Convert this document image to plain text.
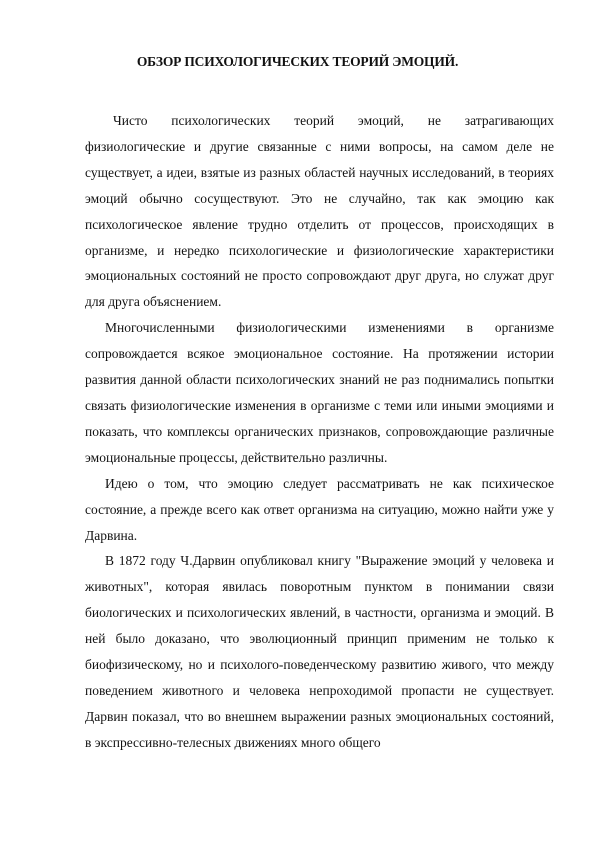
ОБЗОР ПСИХОЛОГИЧЕСКИХ ТЕОРИЙ ЭМОЦИЙ.

Чисто психологических теорий эмоций, не затрагивающих физиологические и другие связанные с ними вопросы, на самом деле не существует, а идеи, взятые из разных областей научных исследований, в теориях эмоций обычно сосуществуют. Это не случайно, так как эмоцию как психологическое явление трудно отделить от процессов, происходящих в организме, и нередко психологические и физиологические характеристики эмоциональных состояний не просто сопровождают друг друга, но служат друг для друга объяснением.

Многочисленными физиологическими изменениями в организме сопровождается всякое эмоциональное состояние. На протяжении истории развития данной области психологических знаний не раз поднимались попытки связать физиологические изменения в организме с теми или иными эмоциями и показать, что комплексы органических признаков, сопровождающие различные эмоциональные процессы, действительно различны.

Идею о том, что эмоцию следует рассматривать не как психическое состояние, а прежде всего как ответ организма на ситуацию, можно найти уже у Дарвина.

В 1872 году Ч.Дарвин опубликовал книгу "Выражение эмоций у человека и животных", которая явилась поворотным пунктом в понимании связи биологических и психологических явлений, в частности, организма и эмоций. В ней было доказано, что эволюционный принцип применим не только к биофизическому, но и психолого-поведенческому развитию живого, что между поведением животного и человека непроходимой пропасти не существует. Дарвин показал, что во внешнем выражении разных эмоциональных состояний, в экспрессивно-телесных движениях много общего
